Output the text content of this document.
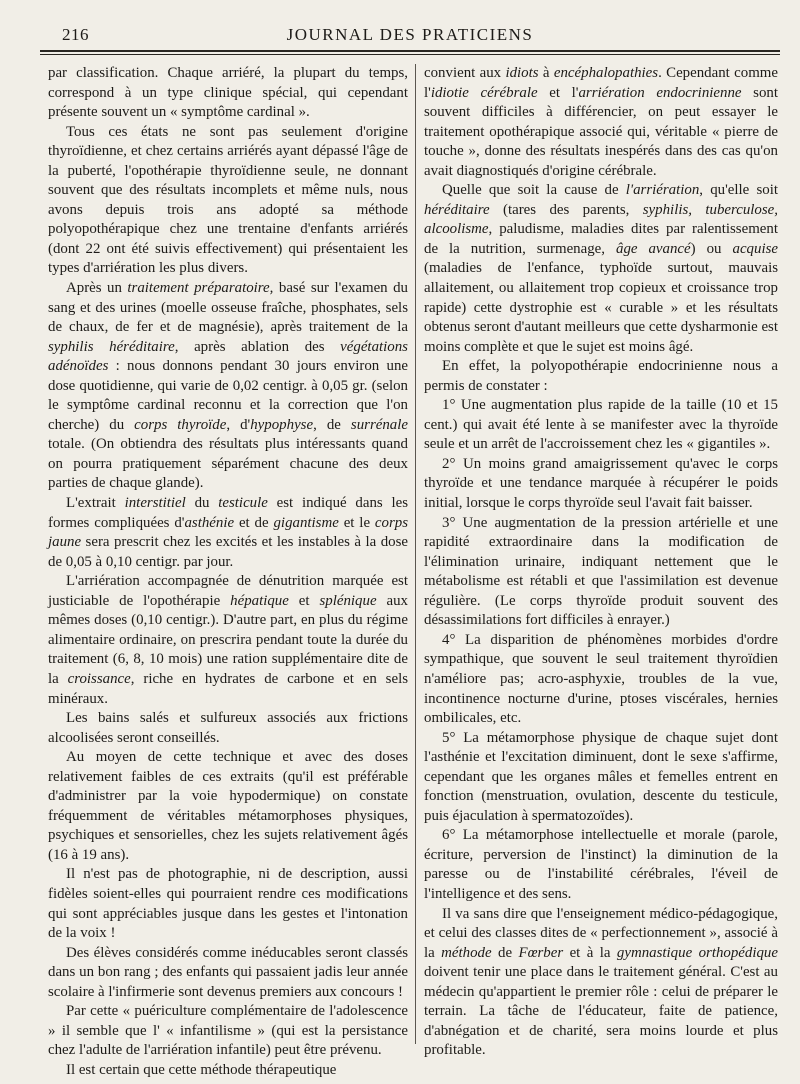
216	JOURNAL DES PRATICIENS

par classification. Chaque arriéré, la plupart du temps, correspond à un type clinique spécial, qui cependant présente souvent un « symptôme cardinal ».

Tous ces états ne sont pas seulement d'origine thyroïdienne, et chez certains arriérés ayant dépassé l'âge de la puberté, l'opothérapie thyroïdienne seule, ne donnant souvent que des résultats incomplets et même nuls, nous avons depuis trois ans adopté sa méthode polyopothérapique chez une trentaine d'enfants arriérés (dont 22 ont été suivis effectivement) qui présentaient les types d'arriération les plus divers.

Après un traitement préparatoire, basé sur l'examen du sang et des urines (moelle osseuse fraîche, phosphates, sels de chaux, de fer et de magnésie), après traitement de la syphilis héréditaire, après ablation des végétations adénoïdes : nous donnons pendant 30 jours environ une dose quotidienne, qui varie de 0,02 centigr. à 0,05 gr. (selon le symptôme cardinal reconnu et la correction que l'on cherche) du corps thyroïde, d'hypophyse, de surrénale totale. (On obtiendra des résultats plus intéressants quand on pourra pratiquement séparément chacune des deux parties de chaque glande).

L'extrait interstitiel du testicule est indiqué dans les formes compliquées d'asthénie et de gigantisme et le corps jaune sera prescrit chez les excités et les instables à la dose de 0,05 à 0,10 centigr. par jour.

L'arriération accompagnée de dénutrition marquée est justiciable de l'opothérapie hépatique et splénique aux mêmes doses (0,10 centigr.). D'autre part, en plus du régime alimentaire ordinaire, on prescrira pendant toute la durée du traitement (6, 8, 10 mois) une ration supplémentaire dite de la croissance, riche en hydrates de carbone et en sels minéraux.

Les bains salés et sulfureux associés aux frictions alcoolisées seront conseillés.

Au moyen de cette technique et avec des doses relativement faibles de ces extraits (qu'il est préférable d'administrer par la voie hypodermique) on constate fréquemment de véritables métamorphoses physiques, psychiques et sensorielles, chez les sujets relativement âgés (16 à 19 ans).

Il n'est pas de photographie, ni de description, aussi fidèles soient-elles qui pourraient rendre ces modifications qui sont appréciables jusque dans les gestes et l'intonation de la voix !

Des élèves considérés comme inéducables seront classés dans un bon rang ; des enfants qui passaient jadis leur année scolaire à l'infirmerie sont devenus premiers aux concours !

Par cette « puériculture complémentaire de l'adolescence » il semble que l' « infantilisme » (qui est la persistance chez l'adulte de l'arriération infantile) peut être prévenu.

Il est certain que cette méthode thérapeutique

convient aux idiots à encéphalopathies. Cependant comme l'idiotie cérébrale et l'arriération endocrinienne sont souvent difficiles à différencier, on peut essayer le traitement opothérapique associé qui, véritable « pierre de touche », donne des résultats inespérés dans des cas qu'on avait diagnostiqués d'origine cérébrale.

Quelle que soit la cause de l'arriération, qu'elle soit héréditaire (tares des parents, syphilis, tuberculose, alcoolisme, paludisme, maladies dites par ralentissement de la nutrition, surmenage, âge avancé) ou acquise (maladies de l'enfance, typhoïde surtout, mauvais allaitement, ou allaitement trop copieux et croissance trop rapide) cette dystrophie est « curable » et les résultats obtenus seront d'autant meilleurs que cette dysharmonie est moins complète et que le sujet est moins âgé.

En effet, la polyopothérapie endocrinienne nous a permis de constater :

1° Une augmentation plus rapide de la taille (10 et 15 cent.) qui avait été lente à se manifester avec la thyroïde seule et un arrêt de l'accroissement chez les « gigantiles ».

2° Un moins grand amaigrissement qu'avec le corps thyroïde et une tendance marquée à récupérer le poids initial, lorsque le corps thyroïde seul l'avait fait baisser.

3° Une augmentation de la pression artérielle et une rapidité extraordinaire dans la modification de l'élimination urinaire, indiquant nettement que le métabolisme est rétabli et que l'assimilation est devenue régulière. (Le corps thyroïde produit souvent des désassimilations fort difficiles à enrayer.)

4° La disparition de phénomènes morbides d'ordre sympathique, que souvent le seul traitement thyroïdien n'améliore pas; acro-asphyxie, troubles de la vue, incontinence nocturne d'urine, ptoses viscérales, hernies ombilicales, etc.

5° La métamorphose physique de chaque sujet dont l'asthénie et l'excitation diminuent, dont le sexe s'affirme, cependant que les organes mâles et femelles entrent en fonction (menstruation, ovulation, descente du testicule, puis éjaculation à spermatozoïdes).

6° La métamorphose intellectuelle et morale (parole, écriture, perversion de l'instinct) la diminution de la paresse ou de l'instabilité cérébrales, l'éveil de l'intelligence et des sens.

Il va sans dire que l'enseignement médico-pédagogique, et celui des classes dites de « perfectionnement », associé à la méthode de Fœrber et à la gymnastique orthopédique doivent tenir une place dans le traitement général. C'est au médecin qu'appartient le premier rôle : celui de préparer le terrain. La tâche de l'éducateur, faite de patience, d'abnégation et de charité, sera moins lourde et plus profitable.
